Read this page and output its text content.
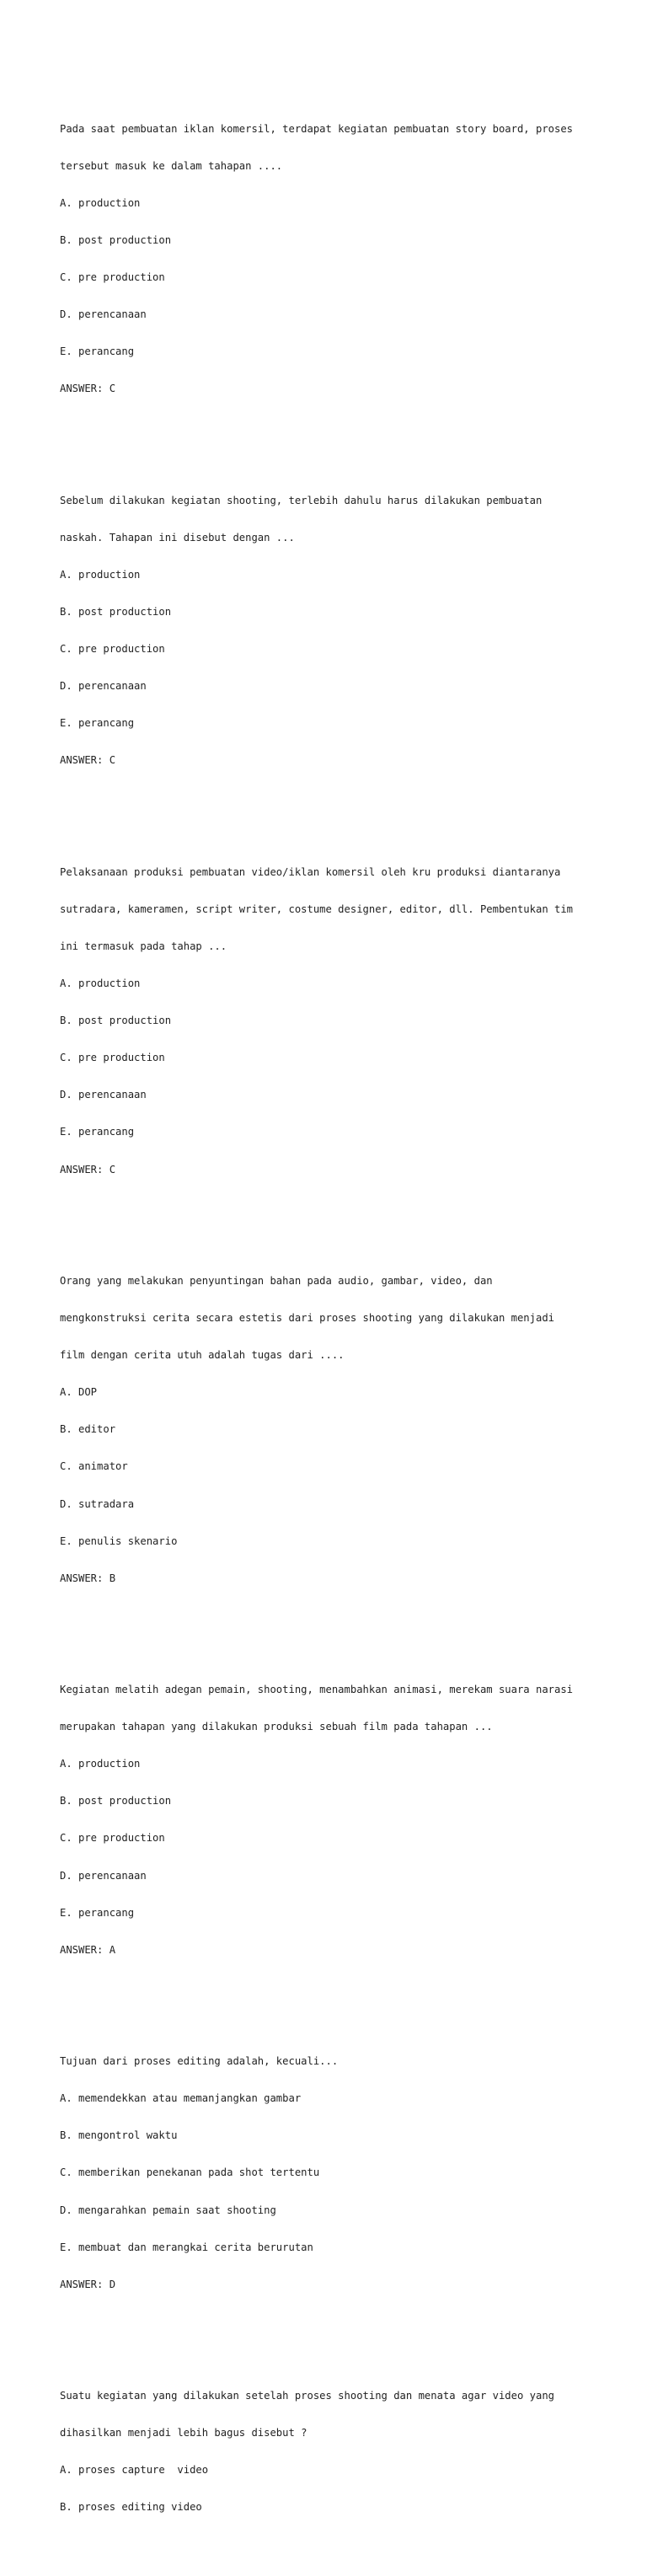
Pada saat pembuatan iklan komersil, terdapat kegiatan pembuatan story board, proses

tersebut masuk ke dalam tahapan ....

A. production

B. post production

C. pre production

D. perencanaan

E. perancang

ANSWER: C

Sebelum dilakukan kegiatan shooting, terlebih dahulu harus dilakukan pembuatan

naskah. Tahapan ini disebut dengan ...

A. production

B. post production

C. pre production

D. perencanaan

E. perancang

ANSWER: C

Pelaksanaan produksi pembuatan video/iklan komersil oleh kru produksi diantaranya

sutradara, kameramen, script writer, costume designer, editor, dll. Pembentukan tim

ini termasuk pada tahap ...

A. production

B. post production

C. pre production

D. perencanaan

E. perancang

ANSWER: C

Orang yang melakukan penyuntingan bahan pada audio, gambar, video, dan

mengkonstruksi cerita secara estetis dari proses shooting yang dilakukan menjadi

film dengan cerita utuh adalah tugas dari ....

A. DOP

B. editor

C. animator

D. sutradara

E. penulis skenario

ANSWER: B

Kegiatan melatih adegan pemain, shooting, menambahkan animasi, merekam suara narasi

merupakan tahapan yang dilakukan produksi sebuah film pada tahapan ...

A. production

B. post production

C. pre production

D. perencanaan

E. perancang

ANSWER: A

Tujuan dari proses editing adalah, kecuali...

A. memendekkan atau memanjangkan gambar

B. mengontrol waktu

C. memberikan penekanan pada shot tertentu

D. mengarahkan pemain saat shooting

E. membuat dan merangkai cerita berurutan

ANSWER: D

Suatu kegiatan yang dilakukan setelah proses shooting dan menata agar video yang

dihasilkan menjadi lebih bagus disebut ?

A. proses capture  video

B. proses editing video
